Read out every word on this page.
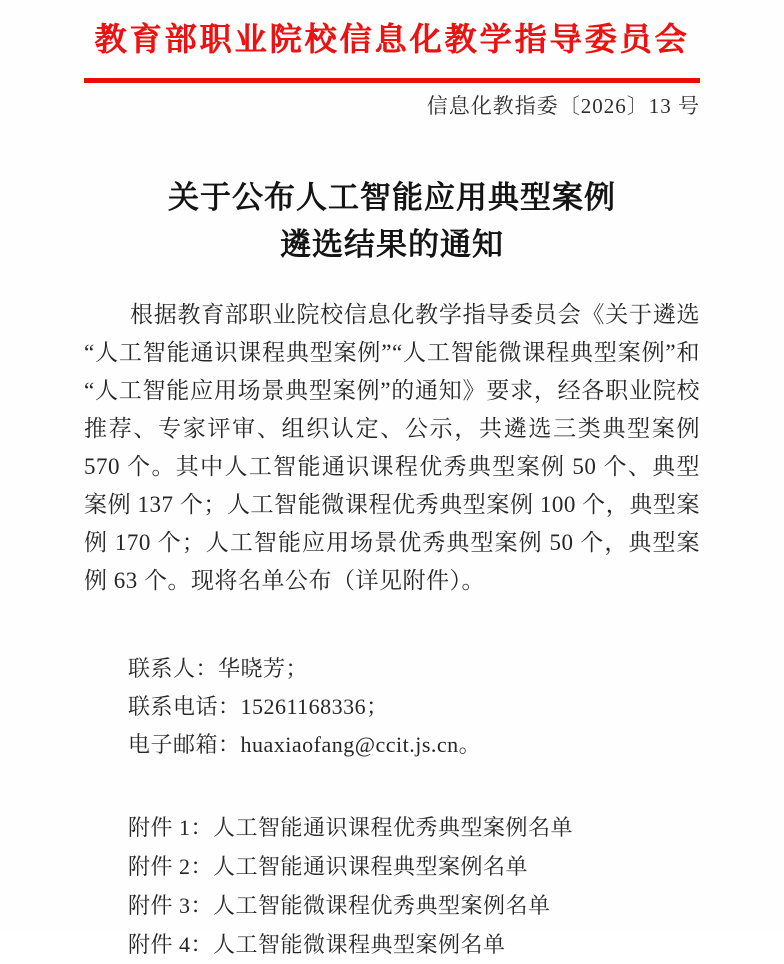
教育部职业院校信息化教学指导委员会
信息化教指委〔2026〕13 号
关于公布人工智能应用典型案例
遴选结果的通知

根据教育部职业院校信息化教学指导委员会《关于遴选“人工智能通识课程典型案例”“人工智能微课程典型案例”和“人工智能应用场景典型案例”的通知》要求，经各职业院校推荐、专家评审、组织认定、公示，共遴选三类典型案例 570 个。其中人工智能通识课程优秀典型案例 50 个、典型案例 137 个；人工智能微课程优秀典型案例 100 个，典型案例 170 个；人工智能应用场景优秀典型案例 50 个，典型案例 63 个。现将名单公布（详见附件）。

联系人：华晓芳；
联系电话：15261168336；
电子邮箱：huaxiaofang@ccit.js.cn。
附件 1：人工智能通识课程优秀典型案例名单
附件 2：人工智能通识课程典型案例名单
附件 3：人工智能微课程优秀典型案例名单
附件 4：人工智能微课程典型案例名单
